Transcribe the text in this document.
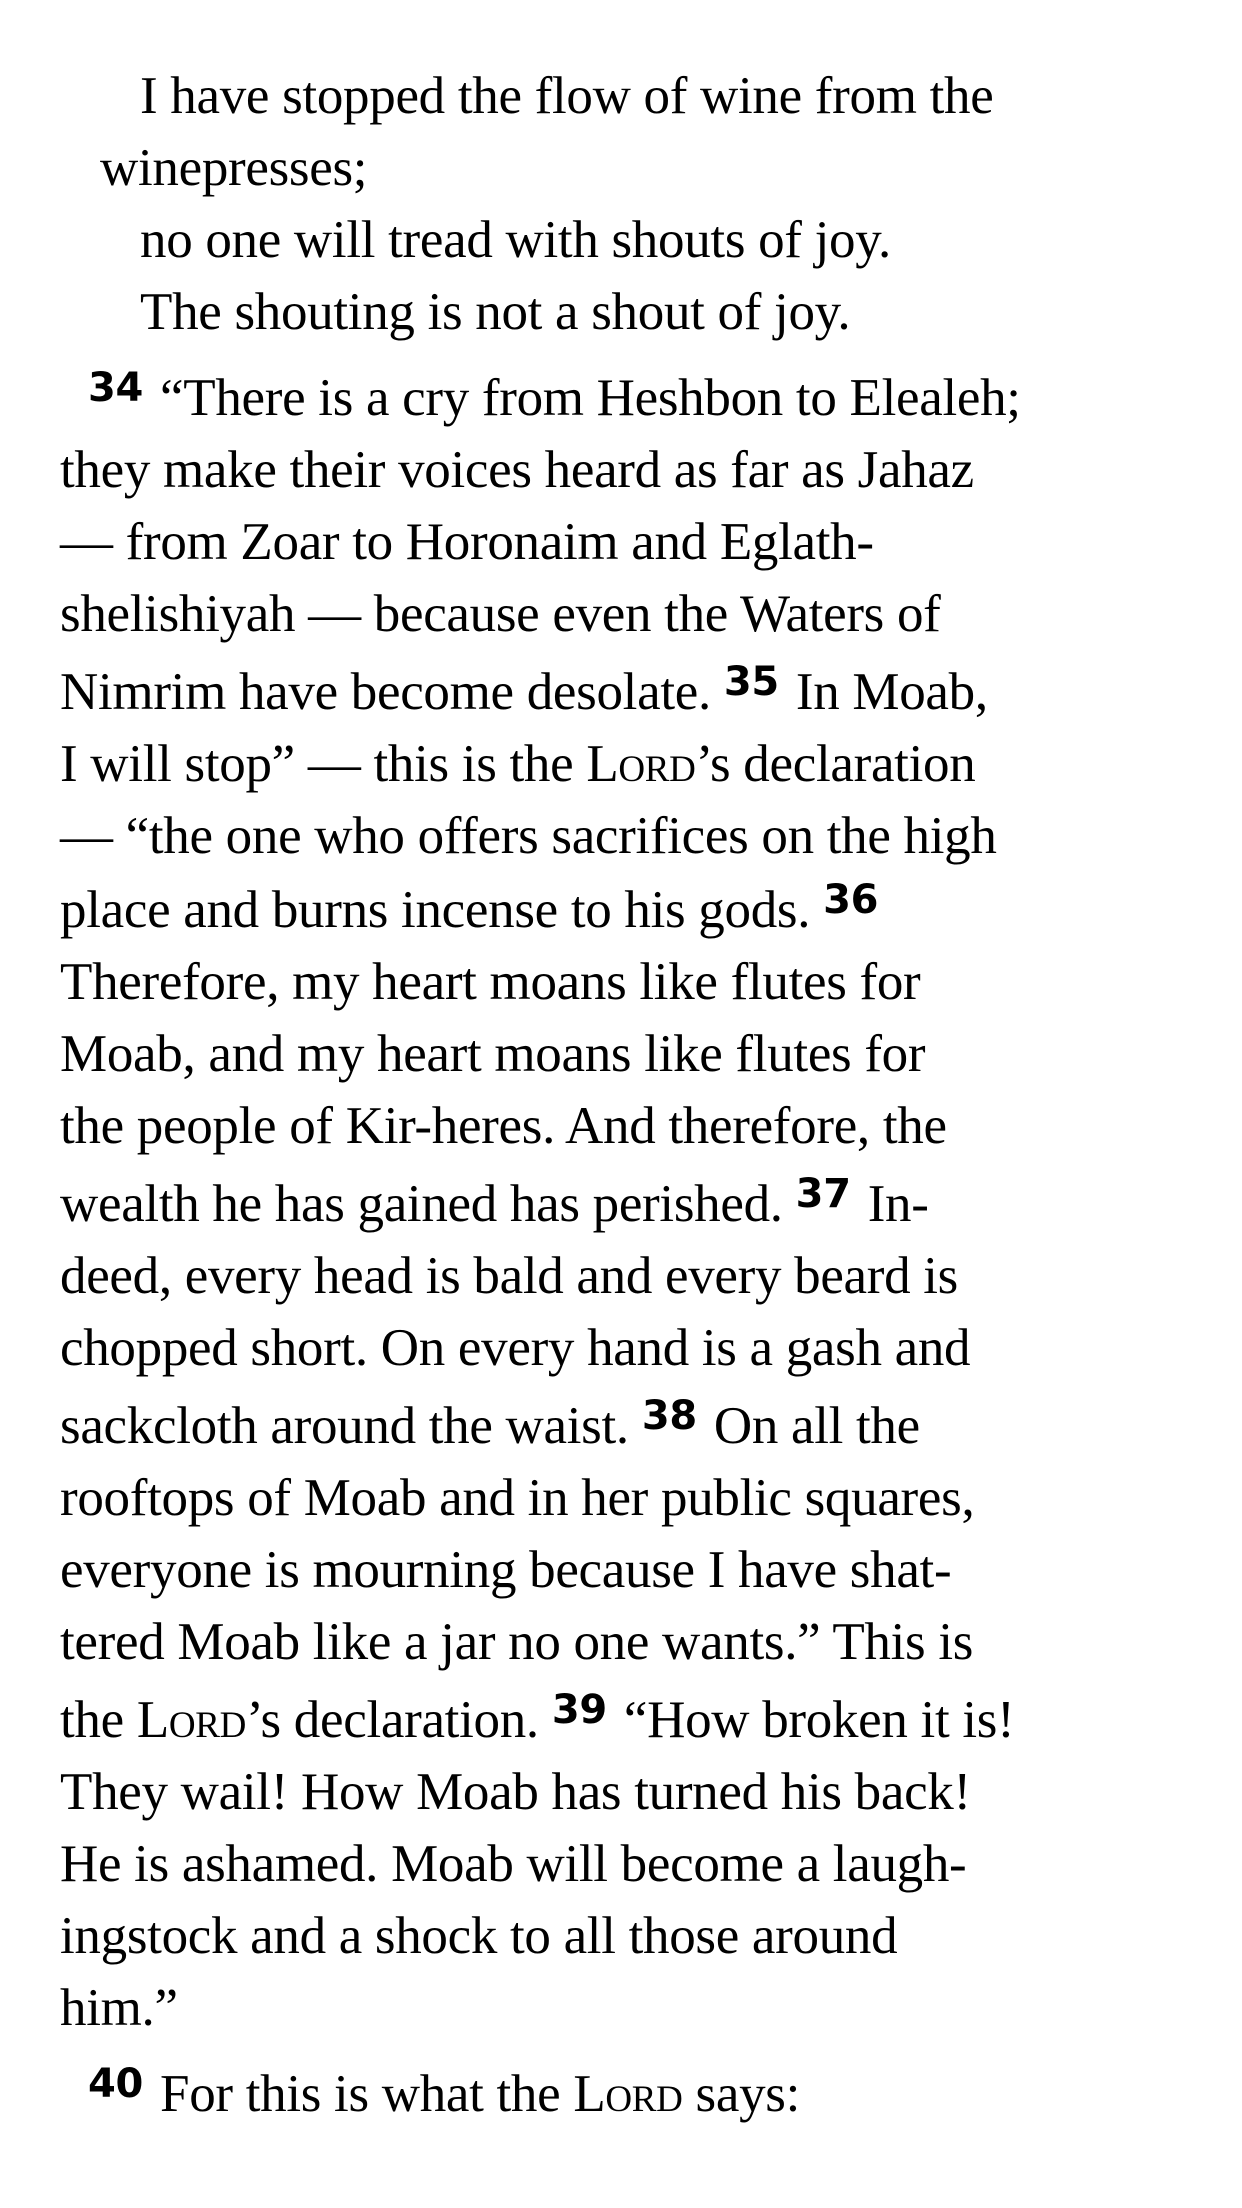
I have stopped the flow of wine from the
winepresses;
no one will tread with shouts of joy.
The shouting is not a shout of joy.
$^{34}$ “There is a cry from Heshbon to Elealeh;
they make their voices heard as far as Jahaz
— from Zoar to Horonaim and Eglath-
shelishiyah — because even the Waters of
Nimrim have become desolate. $^{35}$ In Moab,
I will stop” — this is the Lord’s declaration
— “the one who offers sacrifices on the high
place and burns incense to his gods. $^{36}$
Therefore, my heart moans like flutes for
Moab, and my heart moans like flutes for
the people of Kir-heres. And therefore, the
wealth he has gained has perished. $^{37}$ In-
deed, every head is bald and every beard is
chopped short. On every hand is a gash and
sackcloth around the waist. $^{38}$ On all the
rooftops of Moab and in her public squares,
everyone is mourning because I have shat-
tered Moab like a jar no one wants.” This is
the Lord’s declaration. $^{39}$ “How broken it is!
They wail! How Moab has turned his back!
He is ashamed. Moab will become a laugh-
ingstock and a shock to all those around
him.”
$^{40}$ For this is what the Lord says:
